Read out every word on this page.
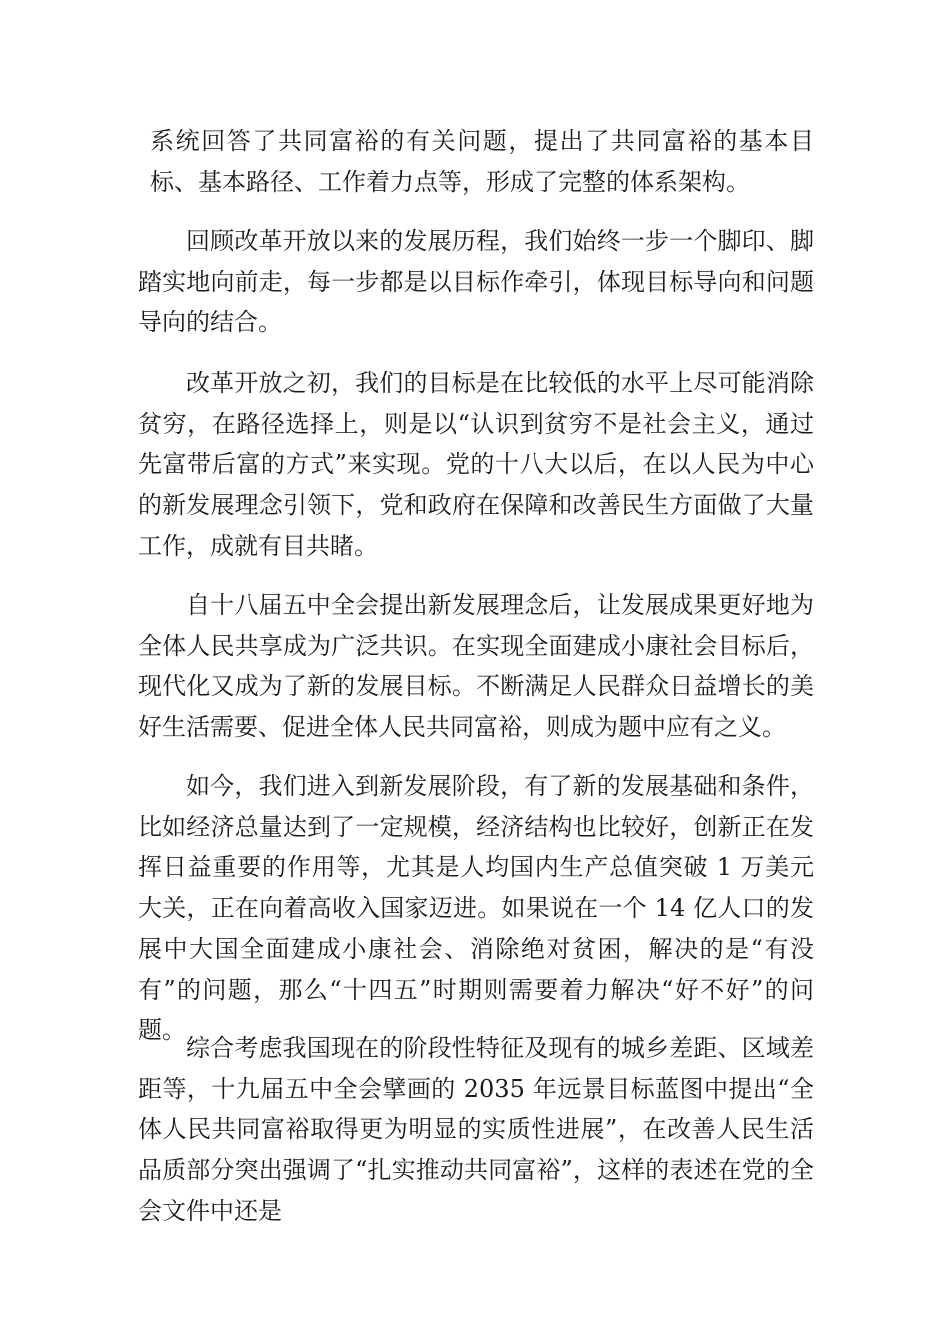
系统回答了共同富裕的有关问题，提出了共同富裕的基本目标、基本路径、工作着力点等，形成了完整的体系架构。

回顾改革开放以来的发展历程，我们始终一步一个脚印、脚踏实地向前走，每一步都是以目标作牵引，体现目标导向和问题导向的结合。

改革开放之初，我们的目标是在比较低的水平上尽可能消除贫穷，在路径选择上，则是以“认识到贫穷不是社会主义，通过先富带后富的方式”来实现。党的十八大以后，在以人民为中心的新发展理念引领下，党和政府在保障和改善民生方面做了大量工作，成就有目共睹。

自十八届五中全会提出新发展理念后，让发展成果更好地为全体人民共享成为广泛共识。在实现全面建成小康社会目标后，现代化又成为了新的发展目标。不断满足人民群众日益增长的美好生活需要、促进全体人民共同富裕，则成为题中应有之义。

如今，我们进入到新发展阶段，有了新的发展基础和条件，比如经济总量达到了一定规模，经济结构也比较好，创新正在发挥日益重要的作用等，尤其是人均国内生产总值突破 1 万美元大关，正在向着高收入国家迈进。如果说在一个 14 亿人口的发展中大国全面建成小康社会、消除绝对贫困，解决的是“有没有”的问题，那么“十四五”时期则需要着力解决“好不好”的问题。

综合考虑我国现在的阶段性特征及现有的城乡差距、区域差距等，十九届五中全会擘画的 2035 年远景目标蓝图中提出“全体人民共同富裕取得更为明显的实质性进展”，在改善人民生活品质部分突出强调了“扎实推动共同富裕”，这样的表述在党的全会文件中还是
